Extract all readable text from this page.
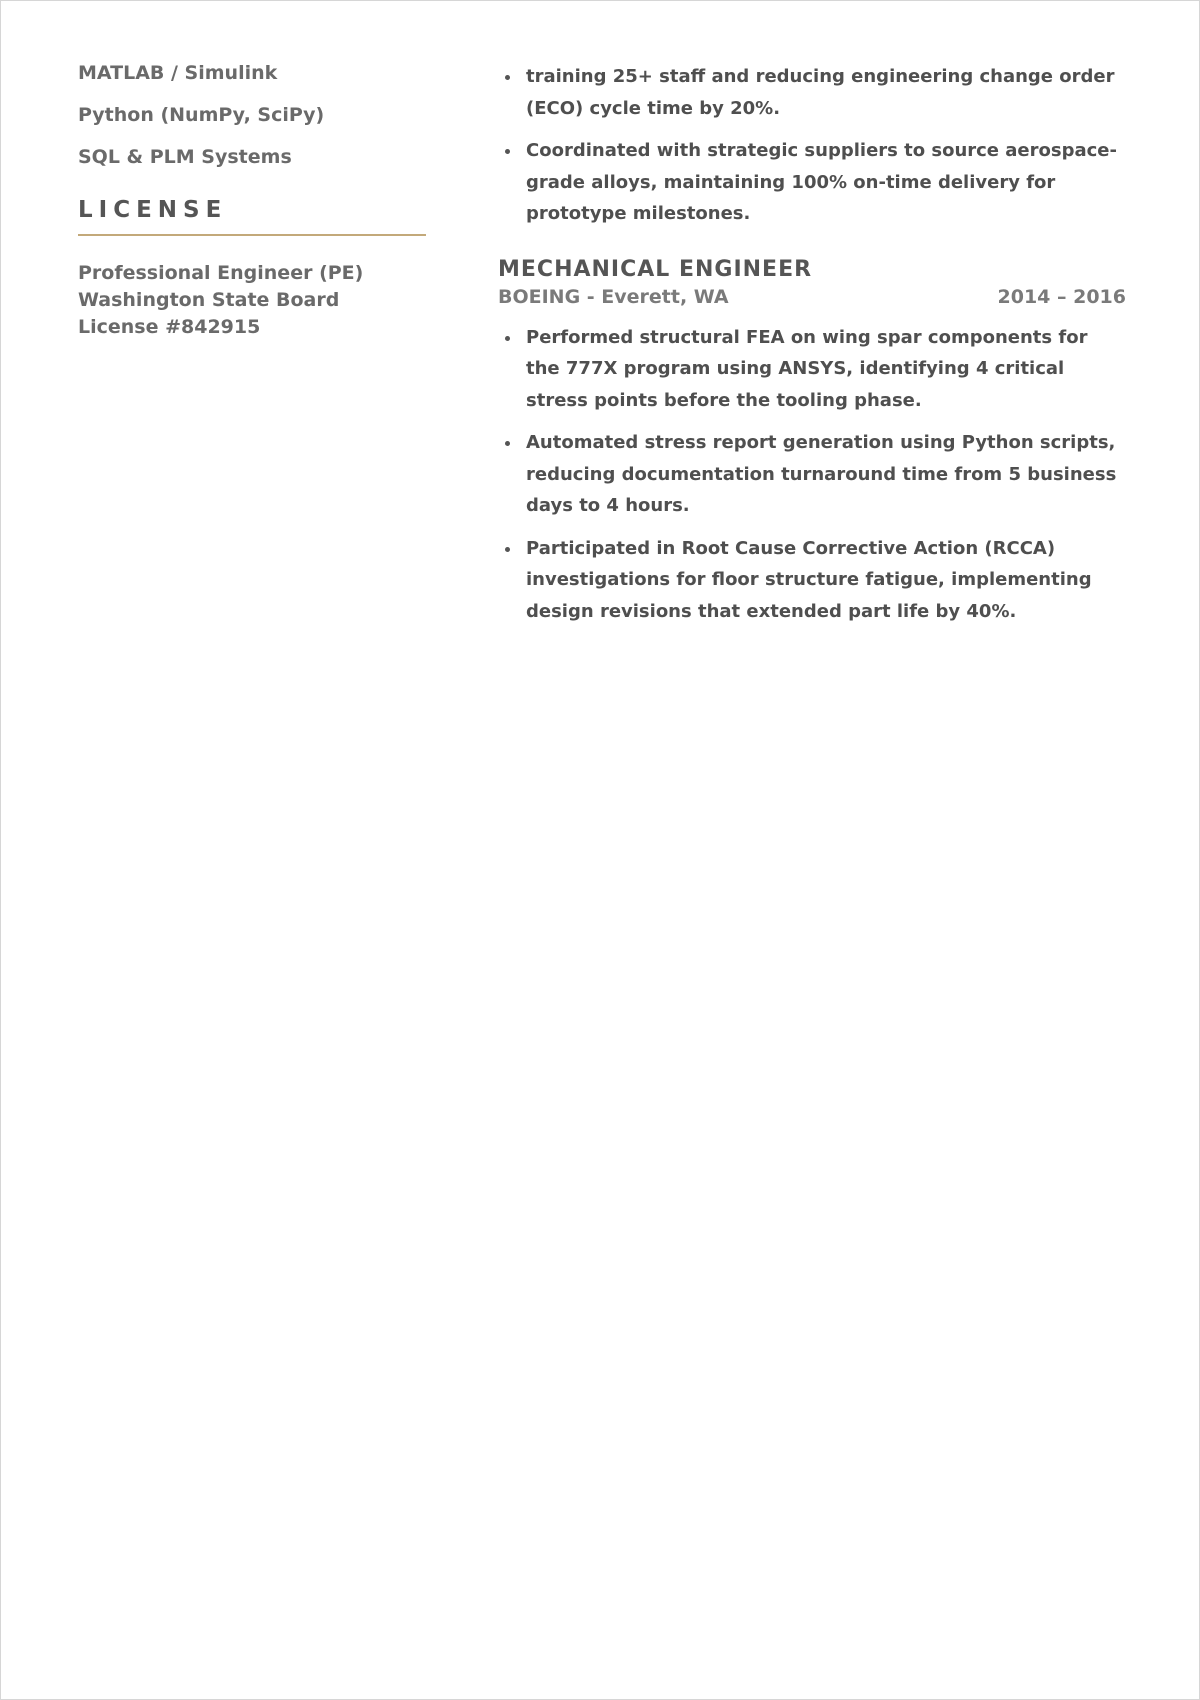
MATLAB / Simulink
Python (NumPy, SciPy)
SQL & PLM Systems
LICENSE
Professional Engineer (PE)
Washington State Board
License #842915
training 25+ staff and reducing engineering change order (ECO) cycle time by 20%.
Coordinated with strategic suppliers to source aerospace-grade alloys, maintaining 100% on-time delivery for prototype milestones.
MECHANICAL ENGINEER
BOEING - Everett, WA	2014 – 2016
Performed structural FEA on wing spar components for the 777X program using ANSYS, identifying 4 critical stress points before the tooling phase.
Automated stress report generation using Python scripts, reducing documentation turnaround time from 5 business days to 4 hours.
Participated in Root Cause Corrective Action (RCCA) investigations for floor structure fatigue, implementing design revisions that extended part life by 40%.
